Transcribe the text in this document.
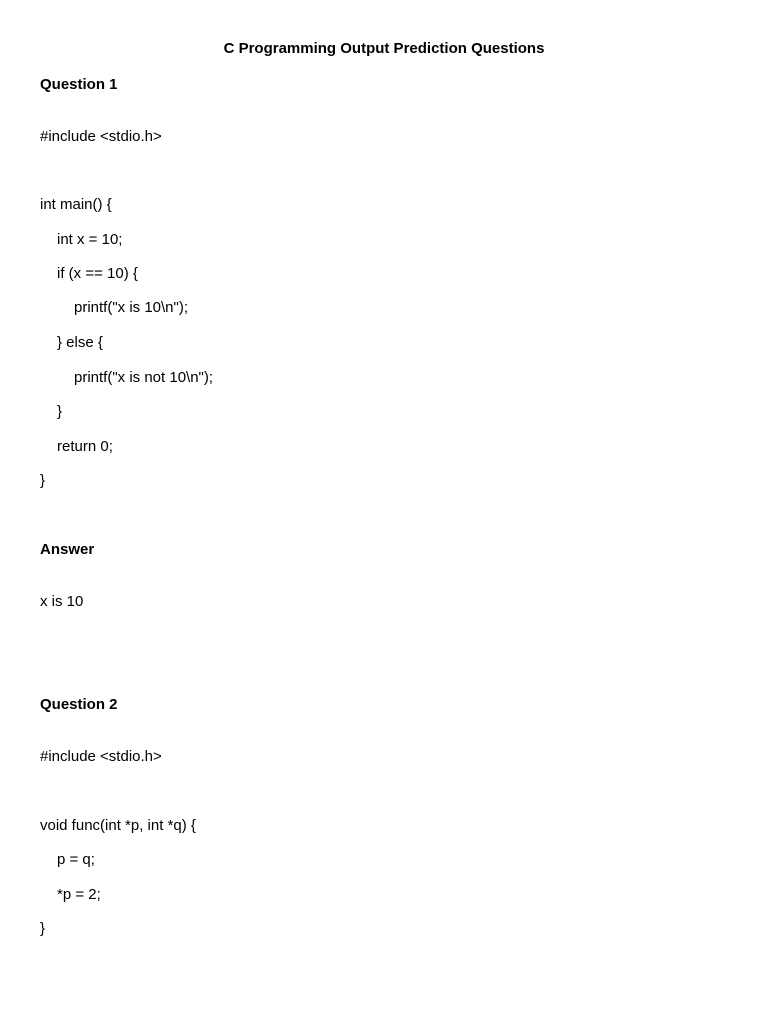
C Programming Output Prediction Questions
Question 1
#include <stdio.h>
int main() {
int x = 10;
if (x == 10) {
printf("x is 10\n");
} else {
printf("x is not 10\n");
}
return 0;
}
Answer
x is 10
Question 2
#include <stdio.h>
void func(int *p, int *q) {
p = q;
*p = 2;
}
